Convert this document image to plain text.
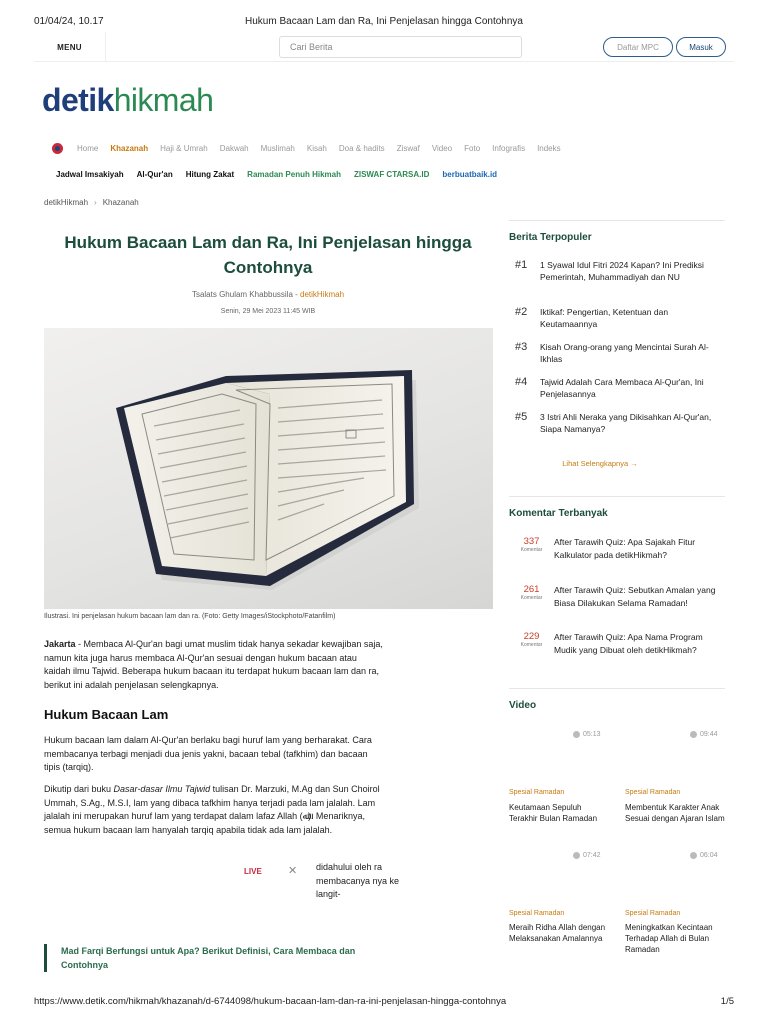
01/04/24, 10.17	Hukum Bacaan Lam dan Ra, Ini Penjelasan hingga Contohnya
MENU	Cari Berita	Daftar MPC	Masuk
detikhikmah
Home Khazanah Haji & Umrah Dakwah Muslimah Kisah Doa & hadits Ziswaf Video Foto Infografis Indeks
Jadwal Imsakiyah Al-Qur'an Hitung Zakat Ramadan Penuh Hikmah ZISWAF CTARSA.ID berbuatbaik.id
detikHikmah › Khazanah
Hukum Bacaan Lam dan Ra, Ini Penjelasan hingga Contohnya
Tsalats Ghulam Khabbussila - detikHikmah
Senin, 29 Mei 2023 11:45 WIB
Ilustrasi. Ini penjelasan hukum bacaan lam dan ra. (Foto: Getty Images/iStockphoto/Fatanfilm)

Jakarta - Membaca Al-Qur'an bagi umat muslim tidak hanya sekadar kewajiban saja, namun kita juga harus membaca Al-Qur'an sesuai dengan hukum bacaan atau kaidah ilmu Tajwid. Beberapa hukum bacaan itu terdapat hukum bacaan lam dan ra, berikut ini adalah penjelasan selengkapnya.

Hukum Bacaan Lam

Hukum bacaan lam dalam Al-Qur'an berlaku bagi huruf lam yang berharakat. Cara membacanya terbagi menjadi dua jenis yakni, bacaan tebal (tafkhim) dan bacaan tipis (tarqiq).

Dikutip dari buku Dasar-dasar Ilmu Tajwid tulisan Dr. Marzuki, M.Ag dan Sun Choirol Ummah, S.Ag., M.S.I, lam yang dibaca tafkhim hanya terjadi pada lam jalalah. Lam jalalah ini merupakan huruf lam yang terdapat dalam lafaz Allah (ﷲ). Menariknya, semua hukum bacaan lam hanyalah tarqiq apabila tidak ada lam jalalah.

LIVE ✕ didahului oleh ra membacanya nya ke langit-

Mad Farqi Berfungsi untuk Apa? Berikut Definisi, Cara Membaca dan Contohnya
Berita Terpopuler
#1	1 Syawal Idul Fitri 2024 Kapan? Ini Prediksi Pemerintah, Muhammadiyah dan NU
#2	Iktikaf: Pengertian, Ketentuan dan Keutamaannya
#3	Kisah Orang-orang yang Mencintai Surah Al-Ikhlas
#4	Tajwid Adalah Cara Membaca Al-Qur'an, Ini Penjelasannya
#5	3 Istri Ahli Neraka yang Dikisahkan Al-Qur'an, Siapa Namanya?
Lihat Selengkapnya →
Komentar Terbanyak
337
Komentar
After Tarawih Quiz: Apa Sajakah Fitur Kalkulator pada detikHikmah?
261
Komentar
After Tarawih Quiz: Sebutkan Amalan yang Biasa Dilakukan Selama Ramadan!
229
Komentar
After Tarawih Quiz: Apa Nama Program Mudik yang Dibuat oleh detikHikmah?
Video
05:13	09:44
Spesial Ramadan	Spesial Ramadan
Keutamaan Sepuluh Terakhir Bulan Ramadan
Membentuk Karakter Anak Sesuai dengan Ajaran Islam
07:42	06:04
Spesial Ramadan	Spesial Ramadan
Meraih Ridha Allah dengan Melaksanakan Amalannya
Meningkatkan Kecintaan Terhadap Allah di Bulan Ramadan
https://www.detik.com/hikmah/khazanah/d-6744098/hukum-bacaan-lam-dan-ra-ini-penjelasan-hingga-contohnya	1/5
